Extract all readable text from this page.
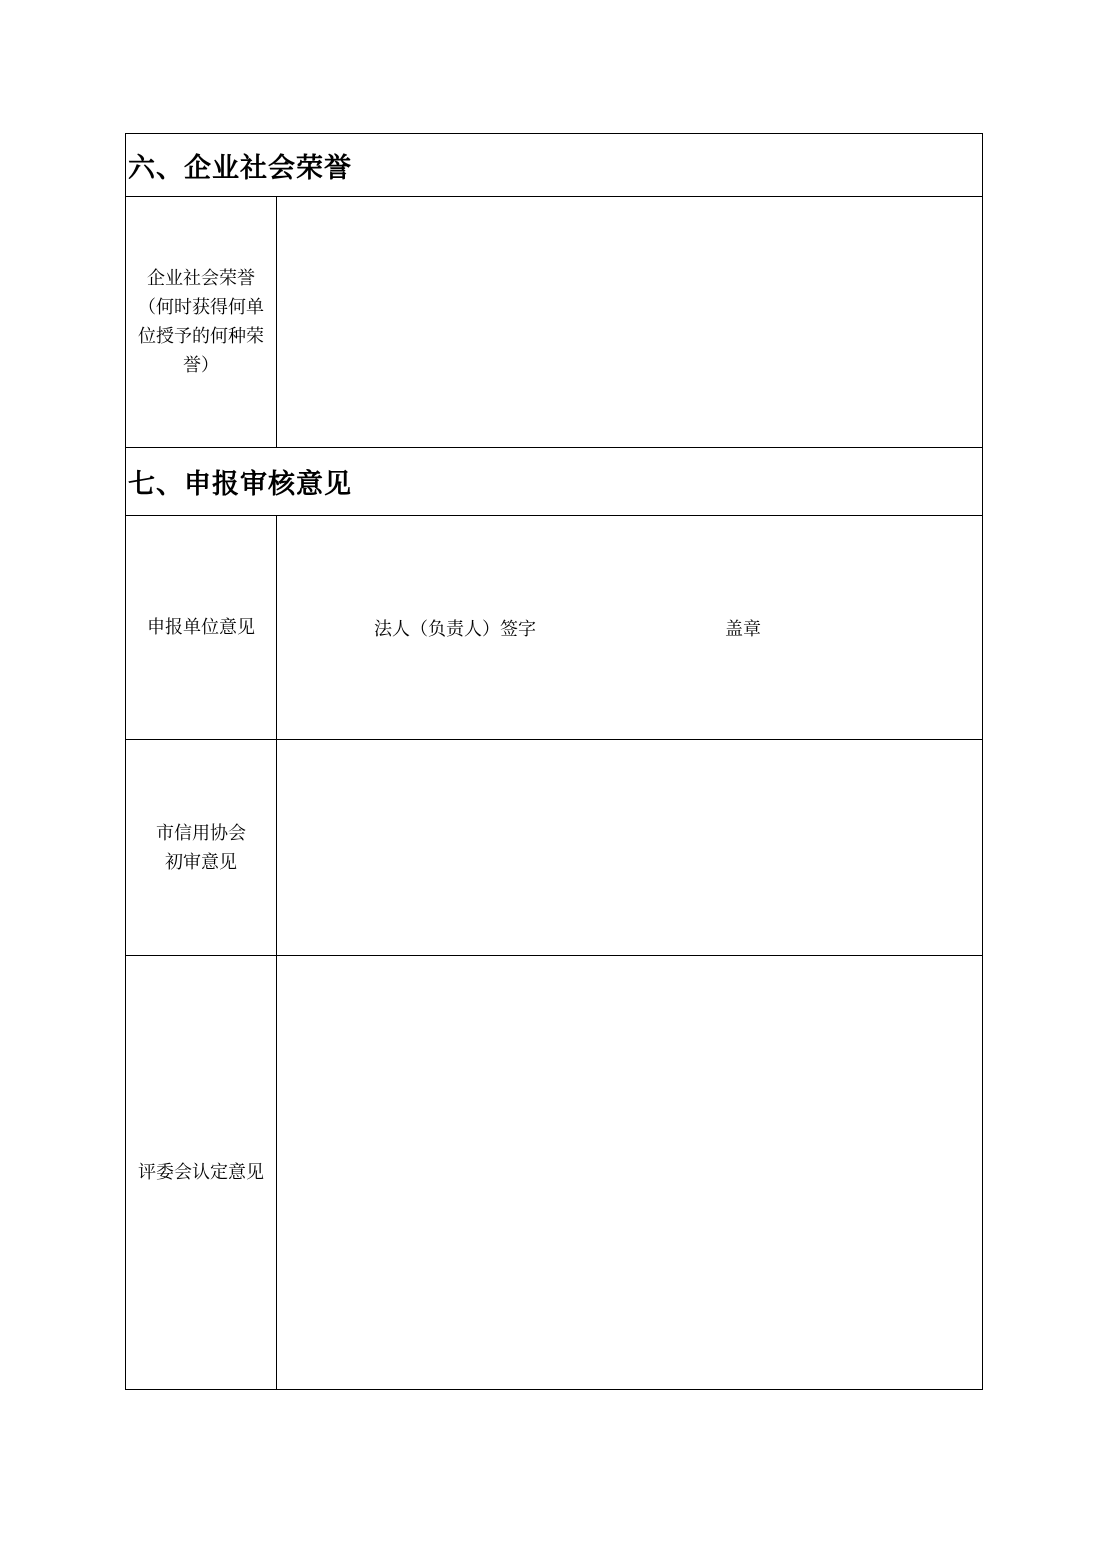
六、企业社会荣誉	

企业社会荣誉
（何时获得何单
位授予的何种荣
誉）	

七、申报审核意见	
申报单位意见	法人（负责人）签字 盖章

市信用协会
初审意见	

评委会认定意见	
